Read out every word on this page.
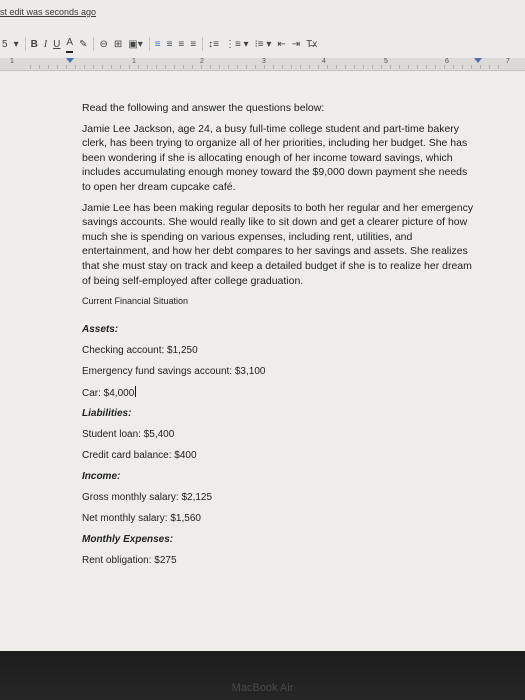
st edit was seconds ago
5 ▾ B I U A ✎ ⊖ ⊞ ▣▾ ≡ ≡ ≡ ≡ ↕≡ ⋮≡ ▾ ⁝≡ ▾ ⇤ ⇥ T̶x
1	1	2	3	4	5	6	7

Read the following and answer the questions below:

Jamie Lee Jackson, age 24, a busy full-time college student and part-time bakery clerk, has been trying to organize all of her priorities, including her budget. She has been wondering if she is allocating enough of her income toward savings, which includes accumulating enough money toward the $9,000 down payment she needs to open her dream cupcake café.

Jamie Lee has been making regular deposits to both her regular and her emergency savings accounts. She would really like to sit down and get a clearer picture of how much she is spending on various expenses, including rent, utilities, and entertainment, and how her debt compares to her savings and assets. She realizes that she must stay on track and keep a detailed budget if she is to realize her dream of being self-employed after college graduation.

Current Financial Situation

Assets:
Checking account: $1,250
Emergency fund savings account: $3,100
Car: $4,000
Liabilities:
Student loan: $5,400
Credit card balance: $400
Income:
Gross monthly salary: $2,125
Net monthly salary: $1,560
Monthly Expenses:
Rent obligation: $275
MacBook Air
